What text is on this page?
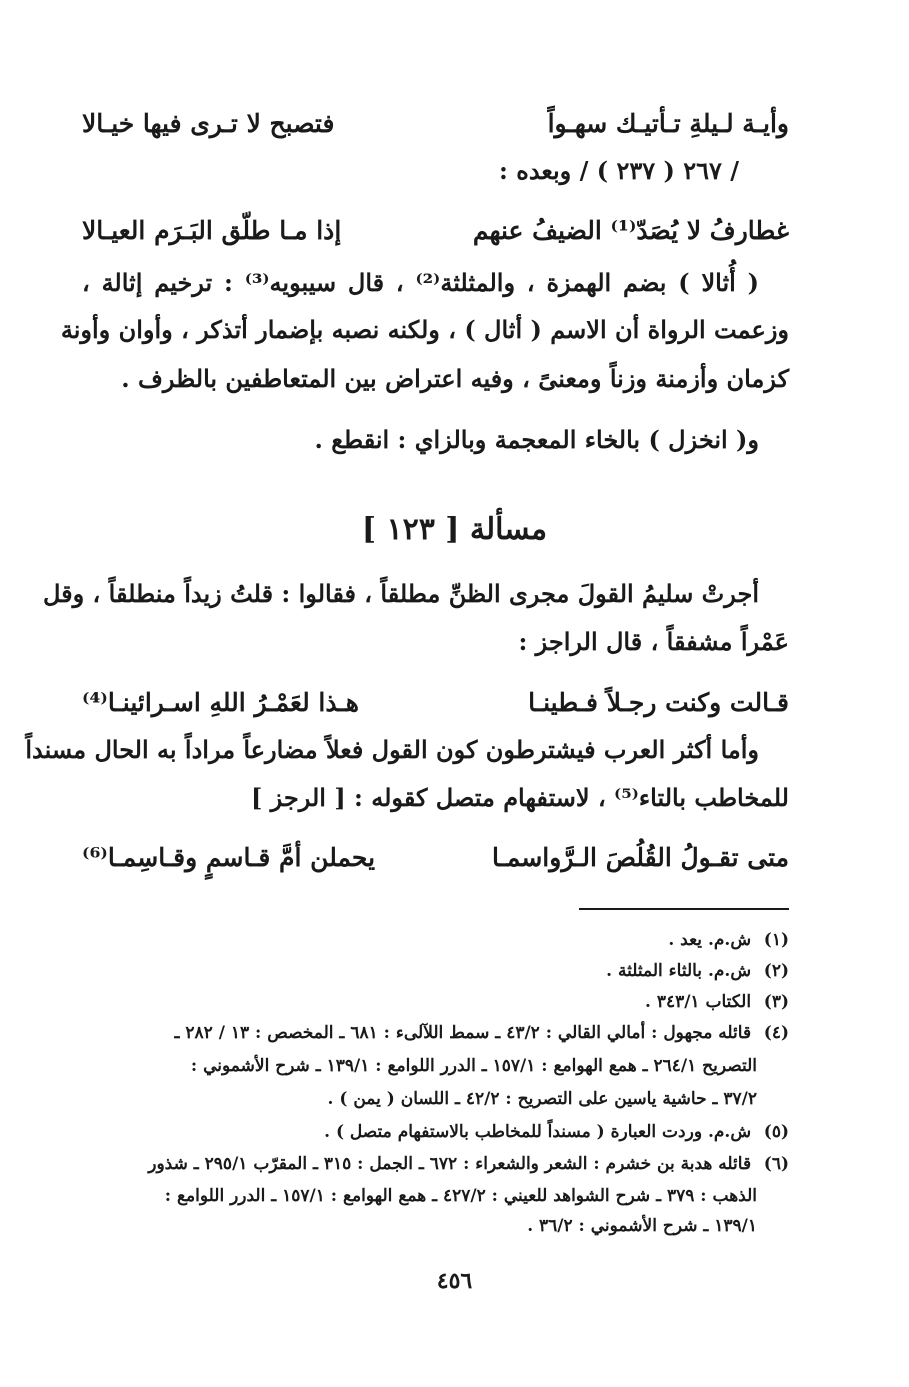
وأيـة لـيلةِ تـأتيـك سهـواً
فتصبح لا تـرى فيها خيـالا
/ ٢٦٧ ( ٢٣٧ ) / وبعده :
غطارفُ لا يُصَدّ⁽¹⁾ الضيفُ عنهم
إذا مـا طلّق البَـرَم العيـالا
( أُثالا ) بضم الهمزة ، والمثلثة⁽²⁾ ، قال سيبويه⁽³⁾ : ترخيم إثالة ،
وزعمت الرواة أن الاسم ( أثال ) ، ولكنه نصبه بإضمار أتذكر ، وأوان وأونة
كزمان وأزمنة وزناً ومعنىً ، وفيه اعتراض بين المتعاطفين بالظرف .
و( انخزل ) بالخاء المعجمة وبالزاي : انقطع .
مسألة [ ١٢٣ ]
أجرتْ سليمُ القولَ مجرى الظنِّ مطلقاً ، فقالوا : قلتُ زيداً منطلقاً ، وقل
عَمْراً مشفقاً ، قال الراجز :
قـالت وكنت رجـلاً فـطينـا
هـذا لعَمْـرُ اللهِ اسـرائينـا⁽⁴⁾
وأما أكثر العرب فيشترطون كون القول فعلاً مضارعاً مراداً به الحال مسنداً
للمخاطب بالتاء⁽⁵⁾ ، لاستفهام متصل كقوله : [ الرجز ]
متى تقـولُ القُلُصَ الـرَّواسمـا
يحملن أمَّ قـاسمٍ وقـاسِمـا⁽⁶⁾
(١) ش.م. يعد .
(٢) ش.م. بالثاء المثلثة .
(٣) الكتاب ٣٤٣/١ .
(٤) قائله مجهول : أمالي القالي : ٤٣/٢ ـ سمط اللآلىء : ٦٨١ ـ المخصص : ١٣ / ٢٨٢ ـ
التصريح ٢٦٤/١ ـ همع الهوامع : ١٥٧/١ ـ الدرر اللوامع : ١٣٩/١ ـ شرح الأشموني :
٣٧/٢ ـ حاشية ياسين على التصريح : ٤٢/٢ ـ اللسان ( يمن ) .
(٥) ش.م. وردت العبارة ( مسنداً للمخاطب بالاستفهام متصل ) .
(٦) قائله هدبة بن خشرم : الشعر والشعراء : ٦٧٢ ـ الجمل : ٣١٥ ـ المقرّب ٢٩٥/١ ـ شذور
الذهب : ٣٧٩ ـ شرح الشواهد للعيني : ٤٢٧/٢ ـ همع الهوامع : ١٥٧/١ ـ الدرر اللوامع :
١٣٩/١ ـ شرح الأشموني : ٣٦/٢ .
٤٥٦
